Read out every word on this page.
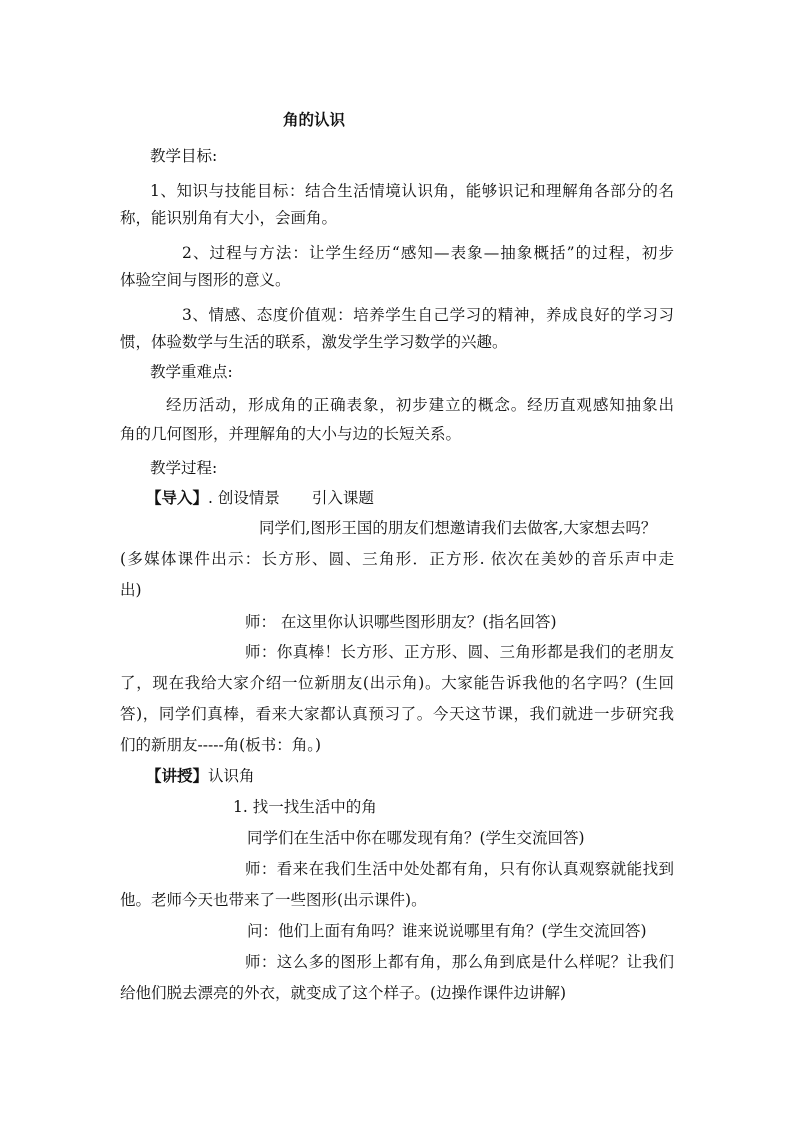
角的认识
教学目标:
1、知识与技能目标：结合生活情境认识角，能够识记和理解角各部分的名
称，能识别角有大小，会画角。
2、过程与方法：让学生经历“感知—表象—抽象概括”的过程，初步
体验空间与图形的意义。
3、情感、态度价值观：培养学生自己学习的精神，养成良好的学习习
惯，体验数学与生活的联系，激发学生学习数学的兴趣。
教学重难点:
经历活动，形成角的正确表象，初步建立的概念。经历直观感知抽象出
角的几何图形，并理解角的大小与边的长短关系。
教学过程:
【导入】. 创设情景 引入课题
同学们,图形王国的朋友们想邀请我们去做客,大家想去吗？
(多媒体课件出示：长方形、圆、三角形．正方形. 依次在美妙的音乐声中走
出)
师： 在这里你认识哪些图形朋友？(指名回答)
师：你真棒！长方形、正方形、圆、三角形都是我们的老朋友
了，现在我给大家介绍一位新朋友(出示角)。大家能告诉我他的名字吗？(生回
答)，同学们真棒，看来大家都认真预习了。今天这节课，我们就进一步研究我
们的新朋友-----角(板书：角。)
【讲授】认识角
1. 找一找生活中的角
同学们在生活中你在哪发现有角？(学生交流回答)
师：看来在我们生活中处处都有角，只有你认真观察就能找到
他。老师今天也带来了一些图形(出示课件)。
问：他们上面有角吗？谁来说说哪里有角？(学生交流回答)
师：这么多的图形上都有角，那么角到底是什么样呢？让我们
给他们脱去漂亮的外衣，就变成了这个样子。(边操作课件边讲解)
